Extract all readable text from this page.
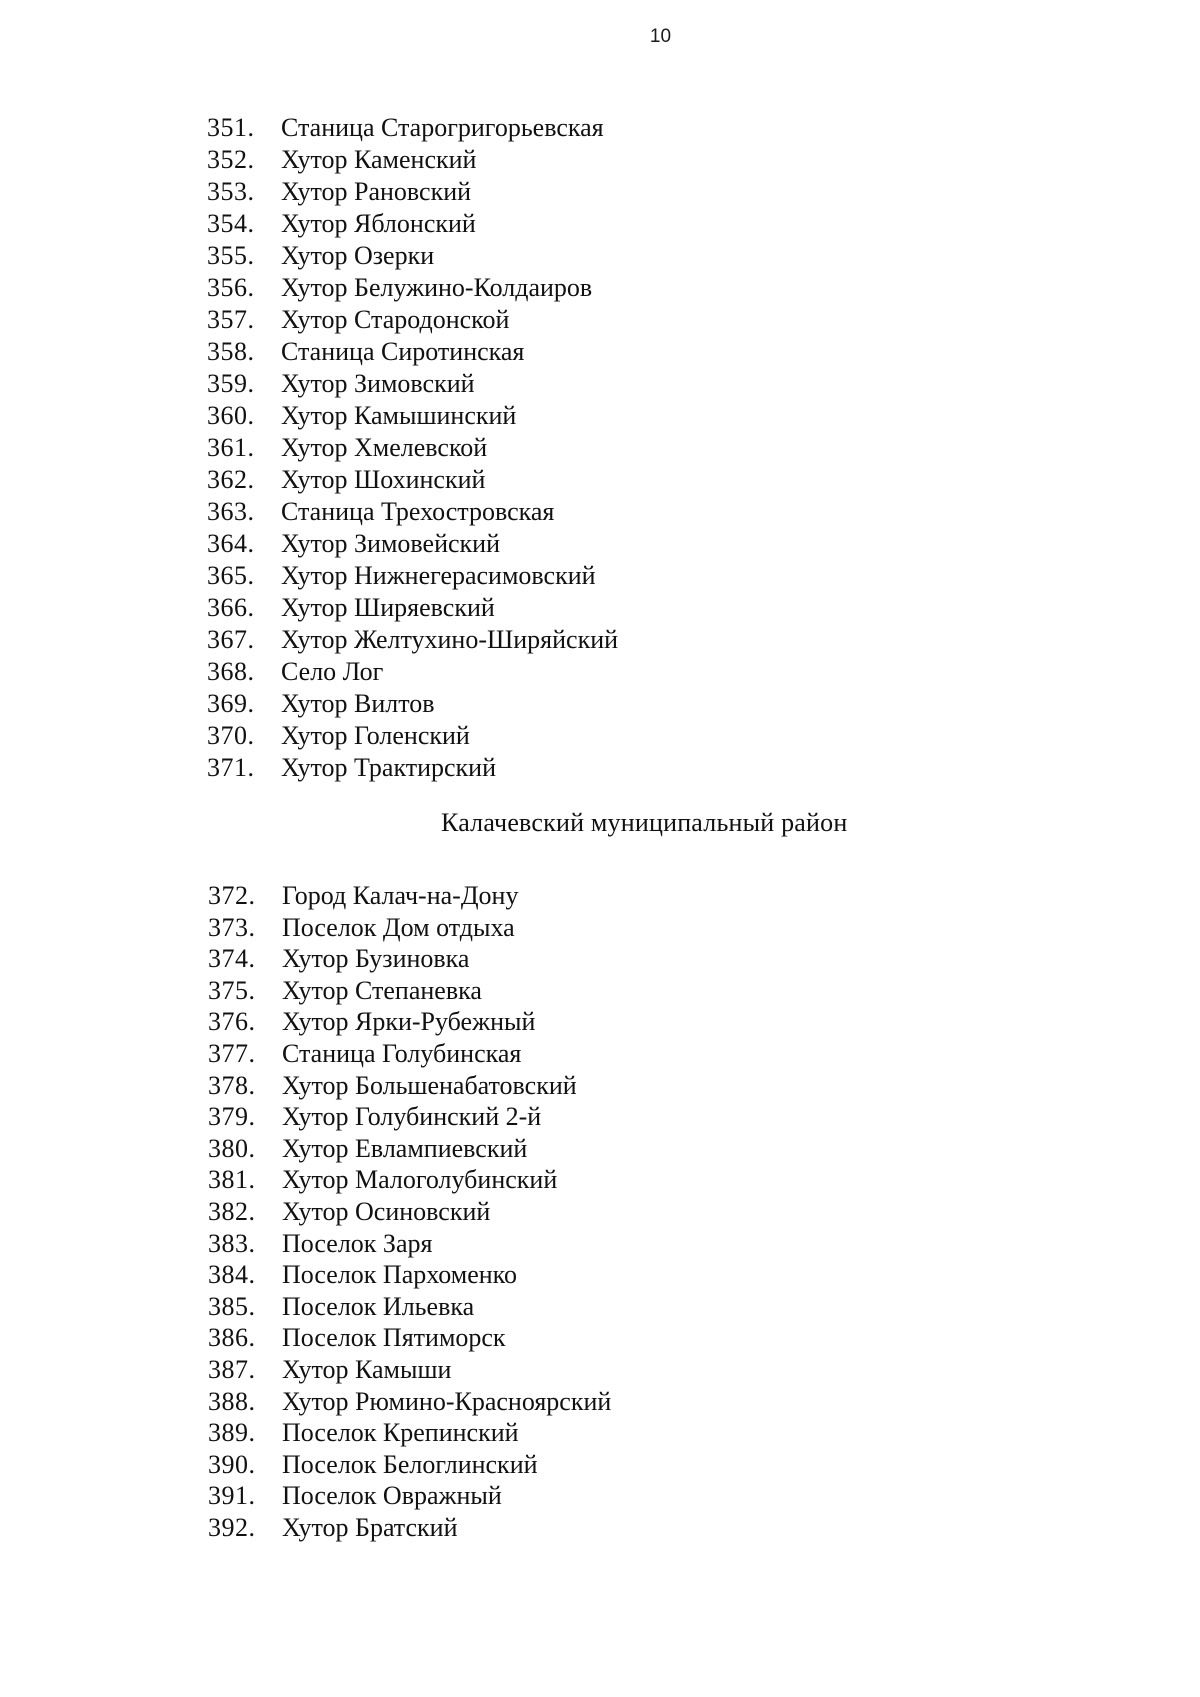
10
351.	Станица Старогригорьевская
352.	Хутор Каменский
353.	Хутор Рановский
354.	Хутор Яблонский
355.	Хутор Озерки
356.	Хутор Белужино-Колдаиров
357.	Хутор Стародонской
358.	Станица Сиротинская
359.	Хутор Зимовский
360.	Хутор Камышинский
361.	Хутор Хмелевской
362.	Хутор Шохинский
363.	Станица Трехостровская
364.	Хутор Зимовейский
365.	Хутор Нижнегерасимовский
366.	Хутор Ширяевский
367.	Хутор Желтухино-Ширяйский
368.	Село Лог
369.	Хутор Вилтов
370.	Хутор Голенский
371.	Хутор Трактирский
Калачевский муниципальный район
372.	Город Калач-на-Дону
373.	Поселок Дом отдыха
374.	Хутор Бузиновка
375.	Хутор Степаневка
376.	Хутор Ярки-Рубежный
377.	Станица Голубинская
378.	Хутор Большенабатовский
379.	Хутор Голубинский 2-й
380.	Хутор Евлампиевский
381.	Хутор Малоголубинский
382.	Хутор Осиновский
383.	Поселок Заря
384.	Поселок Пархоменко
385.	Поселок Ильевка
386.	Поселок Пятиморск
387.	Хутор Камыши
388.	Хутор Рюмино-Красноярский
389.	Поселок Крепинский
390.	Поселок Белоглинский
391.	Поселок Овражный
392.	Хутор Братский
